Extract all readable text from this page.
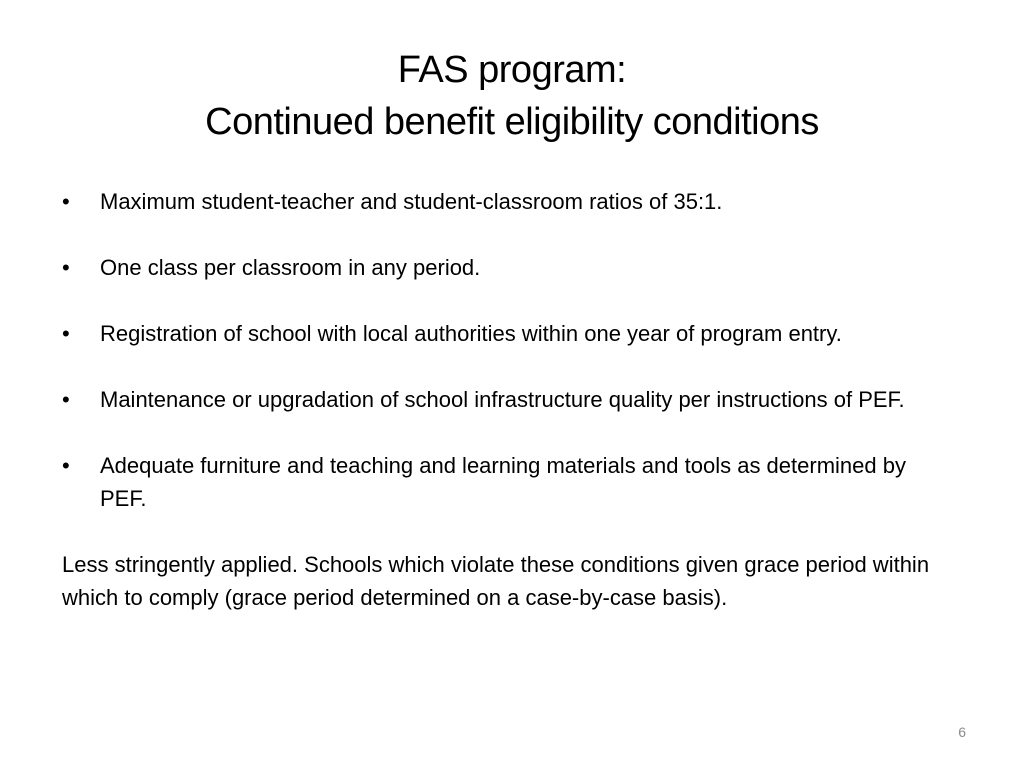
FAS program:
Continued benefit eligibility conditions
•	Maximum student-teacher and student-classroom ratios of 35:1.
•	One class per classroom in any period.
•	Registration of school with local authorities within one year of program entry.
•	Maintenance or upgradation of school infrastructure quality per instructions of PEF.
•	Adequate furniture and teaching and learning materials and tools as determined by PEF.

Less stringently applied. Schools which violate these conditions given grace period within which to comply (grace period determined on a case-by-case basis).

6
